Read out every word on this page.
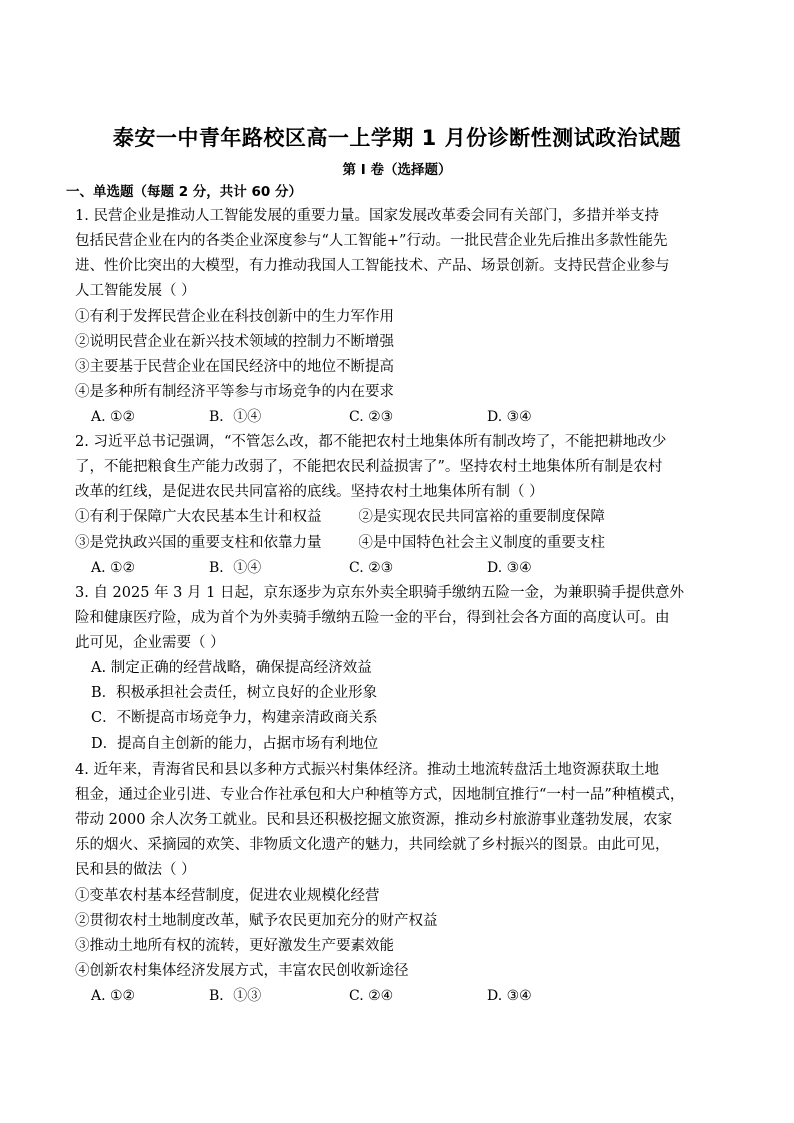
泰安一中青年路校区高一上学期 1 月份诊断性测试政治试题
第 I 卷（选择题）
一、单选题（每题 2 分，共计 60 分）
1. 民营企业是推动人工智能发展的重要力量。国家发展改革委会同有关部门，多措并举支持
包括民营企业在内的各类企业深度参与“人工智能+”行动。一批民营企业先后推出多款性能先
进、性价比突出的大模型，有力推动我国人工智能技术、产品、场景创新。支持民营企业参与
人工智能发展（ ）
①有利于发挥民营企业在科技创新中的生力军作用
②说明民营企业在新兴技术领域的控制力不断增强
③主要基于民营企业在国民经济中的地位不断提高
④是多种所有制经济平等参与市场竞争的内在要求
A. ①②	B．①④	C. ②③	D. ③④
2. 习近平总书记强调，“不管怎么改，都不能把农村土地集体所有制改垮了，不能把耕地改少
了，不能把粮食生产能力改弱了，不能把农民利益损害了”。坚持农村土地集体所有制是农村
改革的红线，是促进农民共同富裕的底线。坚持农村土地集体所有制（ ）
①有利于保障广大农民基本生计和权益        ②是实现农民共同富裕的重要制度保障
③是党执政兴国的重要支柱和依靠力量        ④是中国特色社会主义制度的重要支柱
A. ①②	B．①④	C. ②③	D. ③④
3. 自 2025 年 3 月 1 日起，京东逐步为京东外卖全职骑手缴纳五险一金，为兼职骑手提供意外
险和健康医疗险，成为首个为外卖骑手缴纳五险一金的平台，得到社会各方面的高度认可。由
此可见，企业需要（ ）
A. 制定正确的经营战略，确保提高经济效益
B．积极承担社会责任，树立良好的企业形象
C．不断提高市场竞争力，构建亲清政商关系
D．提高自主创新的能力，占据市场有利地位
4. 近年来，青海省民和县以多种方式振兴村集体经济。推动土地流转盘活土地资源获取土地
租金，通过企业引进、专业合作社承包和大户种植等方式，因地制宜推行“一村一品”种植模式，
带动 2000 余人次务工就业。民和县还积极挖掘文旅资源，推动乡村旅游事业蓬勃发展，农家
乐的烟火、采摘园的欢笑、非物质文化遗产的魅力，共同绘就了乡村振兴的图景。由此可见，
民和县的做法（ ）
①变革农村基本经营制度，促进农业规模化经营
②贯彻农村土地制度改革，赋予农民更加充分的财产权益
③推动土地所有权的流转，更好激发生产要素效能
④创新农村集体经济发展方式，丰富农民创收新途径
A. ①②	B．①③	C. ②④	D. ③④
